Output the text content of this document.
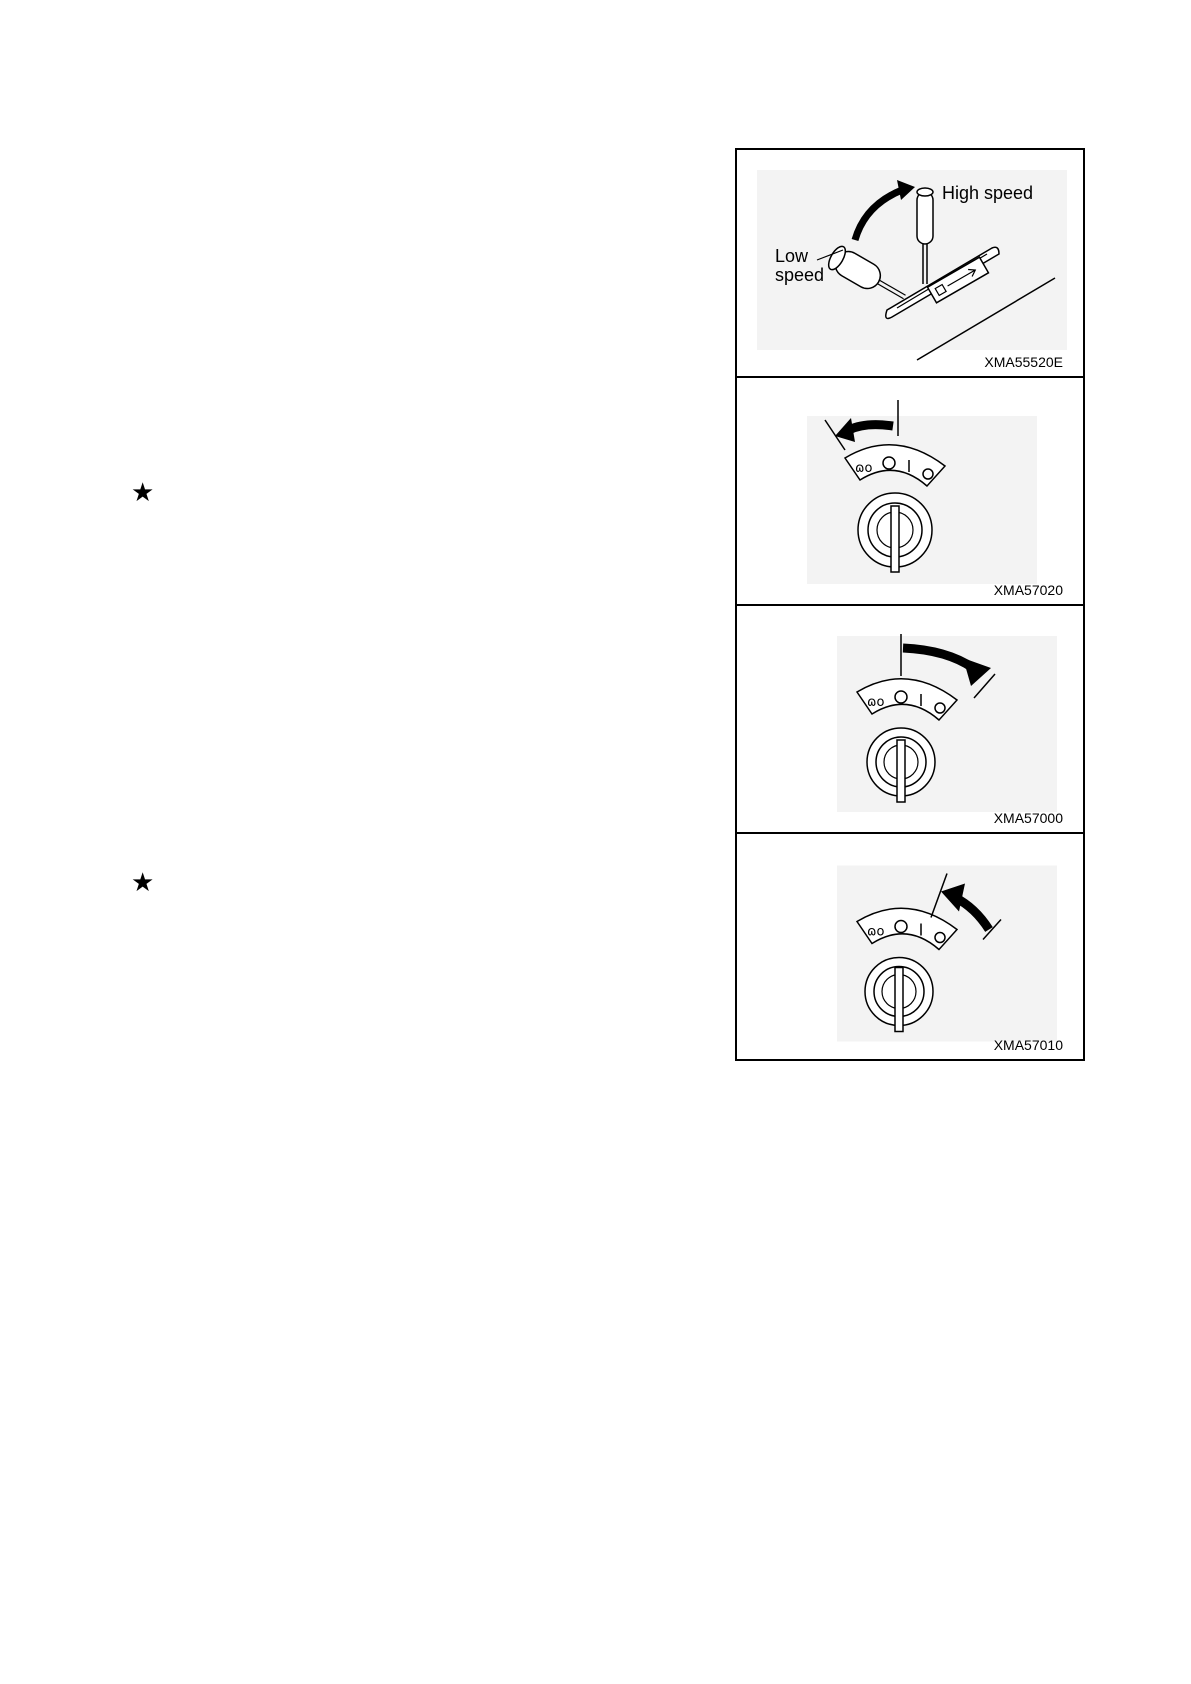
★
★
High speed
Low
speed
XMA55520E
ɷo
XMA57020
ɷo
XMA57000
ɷo
XMA57010
